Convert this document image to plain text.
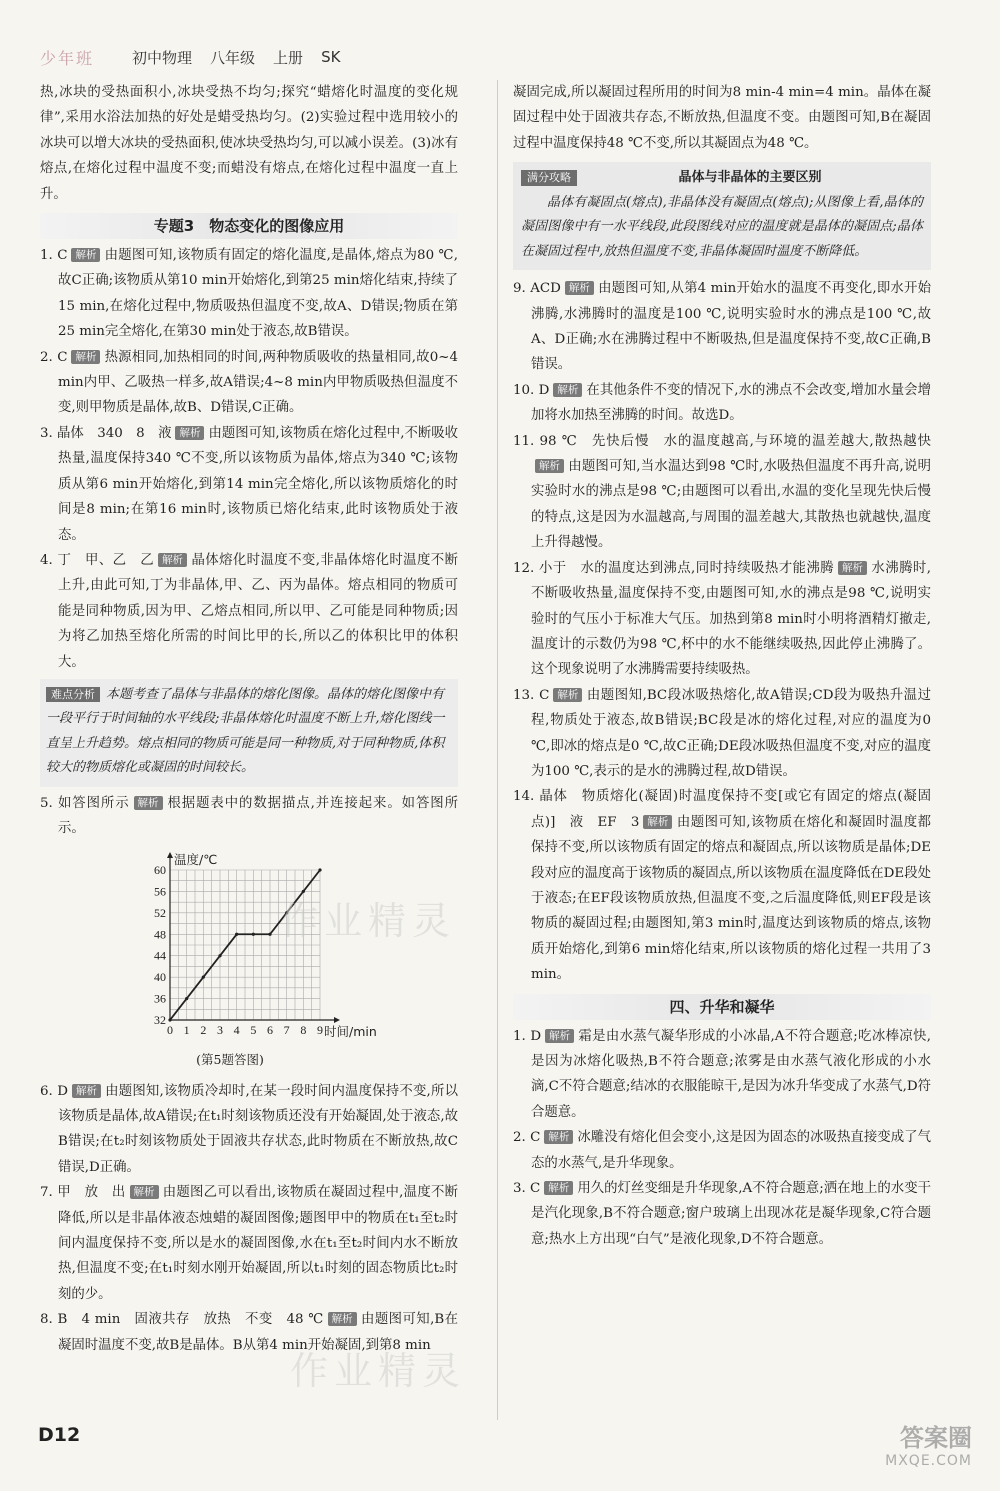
少年班	初中物理 八年级 上册 SK

热,冰块的受热面积小,冰块受热不均匀;探究“蜡熔化时温度的变化规律”,采用水浴法加热的好处是蜡受热均匀。(2)实验过程中选用较小的冰块可以增大冰块的受热面积,使冰块受热均匀,可以减小误差。(3)冰有熔点,在熔化过程中温度不变;而蜡没有熔点,在熔化过程中温度一直上升。

专题3　物态变化的图像应用

1. C 解析 由题图可知,该物质有固定的熔化温度,是晶体,熔点为80 ℃,故C正确;该物质从第10 min开始熔化,到第25 min熔化结束,持续了15 min,在熔化过程中,物质吸热但温度不变,故A、D错误;物质在第25 min完全熔化,在第30 min处于液态,故B错误。

2. C 解析 热源相同,加热相同的时间,两种物质吸收的热量相同,故0~4 min内甲、乙吸热一样多,故A错误;4~8 min内甲物质吸热但温度不变,则甲物质是晶体,故B、D错误,C正确。

3. 晶体　340　8　液 解析 由题图可知,该物质在熔化过程中,不断吸收热量,温度保持340 ℃不变,所以该物质为晶体,熔点为340 ℃;该物质从第6 min开始熔化,到第14 min完全熔化,所以该物质熔化的时间是8 min;在第16 min时,该物质已熔化结束,此时该物质处于液态。

4. 丁　甲、乙　乙 解析 晶体熔化时温度不变,非晶体熔化时温度不断上升,由此可知,丁为非晶体,甲、乙、丙为晶体。熔点相同的物质可能是同种物质,因为甲、乙熔点相同,所以甲、乙可能是同种物质;因为将乙加热至熔化所需的时间比甲的长,所以乙的体积比甲的体积大。

难点分析 本题考查了晶体与非晶体的熔化图像。晶体的熔化图像中有一段平行于时间轴的水平线段;非晶体熔化时温度不断上升,熔化图线一直呈上升趋势。熔点相同的物质可能是同一种物质,对于同种物质,体积较大的物质熔化或凝固的时间较长。

5. 如答图所示 解析 根据题表中的数据描点,并连接起来。如答图所示。

32
36
40
44
48
52
56
60
0 1 2 3 4 5 6 7 8 9
温度/℃
时间/min
(第5题答图)

6. D 解析 由题图知,该物质冷却时,在某一段时间内温度保持不变,所以该物质是晶体,故A错误;在t₁时刻该物质还没有开始凝固,处于液态,故B错误;在t₂时刻该物质处于固液共存状态,此时物质在不断放热,故C错误,D正确。

7. 甲　放　出 解析 由题图乙可以看出,该物质在凝固过程中,温度不断降低,所以是非晶体液态烛蜡的凝固图像;题图甲中的物质在t₁至t₂时间内温度保持不变,所以是水的凝固图像,水在t₁至t₂时间内水不断放热,但温度不变;在t₁时刻水刚开始凝固,所以t₁时刻的固态物质比t₂时刻的少。

8. B　4 min　固液共存　放热　不变　48 ℃ 解析 由题图可知,B在凝固时温度不变,故B是晶体。B从第4 min开始凝固,到第8 min

凝固完成,所以凝固过程所用的时间为8 min-4 min=4 min。晶体在凝固过程中处于固液共存态,不断放热,但温度不变。由题图可知,B在凝固过程中温度保持48 ℃不变,所以其凝固点为48 ℃。

满分攻略	晶体与非晶体的主要区别
晶体有凝固点(熔点),非晶体没有凝固点(熔点);从图像上看,晶体的凝固图像中有一水平线段,此段图线对应的温度就是晶体的凝固点;晶体在凝固过程中,放热但温度不变,非晶体凝固时温度不断降低。

9. ACD 解析 由题图可知,从第4 min开始水的温度不再变化,即水开始沸腾,水沸腾时的温度是100 ℃,说明实验时水的沸点是100 ℃,故A、D正确;水在沸腾过程中不断吸热,但是温度保持不变,故C正确,B错误。

10. D 解析 在其他条件不变的情况下,水的沸点不会改变,增加水量会增加将水加热至沸腾的时间。故选D。

11. 98 ℃　先快后慢　水的温度越高,与环境的温差越大,散热越快解析 由题图可知,当水温达到98 ℃时,水吸热但温度不再升高,说明实验时水的沸点是98 ℃;由题图可以看出,水温的变化呈现先快后慢的特点,这是因为水温越高,与周围的温差越大,其散热也就越快,温度上升得越慢。

12. 小于　水的温度达到沸点,同时持续吸热才能沸腾 解析 水沸腾时,不断吸收热量,温度保持不变,由题图可知,水的沸点是98 ℃,说明实验时的气压小于标准大气压。加热到第8 min时小明将酒精灯撤走,温度计的示数仍为98 ℃,杯中的水不能继续吸热,因此停止沸腾了。这个现象说明了水沸腾需要持续吸热。

13. C 解析 由题图知,BC段冰吸热熔化,故A错误;CD段为吸热升温过程,物质处于液态,故B错误;BC段是冰的熔化过程,对应的温度为0 ℃,即冰的熔点是0 ℃,故C正确;DE段冰吸热但温度不变,对应的温度为100 ℃,表示的是水的沸腾过程,故D错误。

14. 晶体　物质熔化(凝固)时温度保持不变[或它有固定的熔点(凝固点)]　液　EF　3 解析 由题图可知,该物质在熔化和凝固时温度都保持不变,所以该物质有固定的熔点和凝固点,所以该物质是晶体;DE段对应的温度高于该物质的凝固点,所以该物质在温度降低在DE段处于液态;在EF段该物质放热,但温度不变,之后温度降低,则EF段是该物质的凝固过程;由题图知,第3 min时,温度达到该物质的熔点,该物质开始熔化,到第6 min熔化结束,所以该物质的熔化过程一共用了3 min。

四、升华和凝华

1. D 解析 霜是由水蒸气凝华形成的小冰晶,A不符合题意;吃冰棒凉快,是因为冰熔化吸热,B不符合题意;浓雾是由水蒸气液化形成的小水滴,C不符合题意;结冰的衣服能晾干,是因为冰升华变成了水蒸气,D符合题意。

2. C 解析 冰雕没有熔化但会变小,这是因为固态的冰吸热直接变成了气态的水蒸气,是升华现象。

3. C 解析 用久的灯丝变细是升华现象,A不符合题意;洒在地上的水变干是汽化现象,B不符合题意;窗户玻璃上出现冰花是凝华现象,C符合题意;热水上方出现“白气”是液化现象,D不符合题意。

作业精灵
作业精灵
D12	答案圈
MXQE.COM
